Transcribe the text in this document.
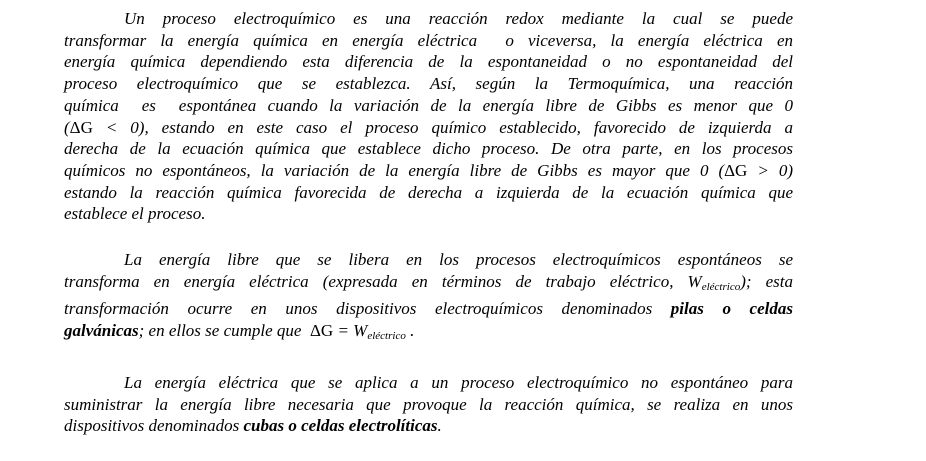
Un proceso electroquímico es una reacción redox mediante la cual se puede
transformar la energía química en energía eléctrica  o viceversa, la energía eléctrica en
energía química dependiendo esta diferencia de la espontaneidad o no espontaneidad del
proceso electroquímico que se establezca. Así, según la Termoquímica, una reacción
química  es  espontánea cuando la variación de la energía libre de Gibbs es menor que 0
(ΔG < 0), estando en este caso el proceso químico establecido, favorecido de izquierda a
derecha de la ecuación química que establece dicho proceso. De otra parte, en los procesos
químicos no espontáneos, la variación de la energía libre de Gibbs es mayor que 0 (ΔG > 0)
estando la reacción química favorecida de derecha a izquierda de la ecuación química que
establece el proceso.
La energía libre que se libera en los procesos electroquímicos espontáneos se
transforma en energía eléctrica (expresada en términos de trabajo eléctrico, Weléctrico); esta
transformación ocurre en unos dispositivos electroquímicos denominados pilas o celdas
galvánicas; en ellos se cumple que  ΔG = Weléctrico .
La energía eléctrica que se aplica a un proceso electroquímico no espontáneo para
suministrar la energía libre necesaria que provoque la reacción química, se realiza en unos
dispositivos denominados cubas o celdas electrolíticas.
